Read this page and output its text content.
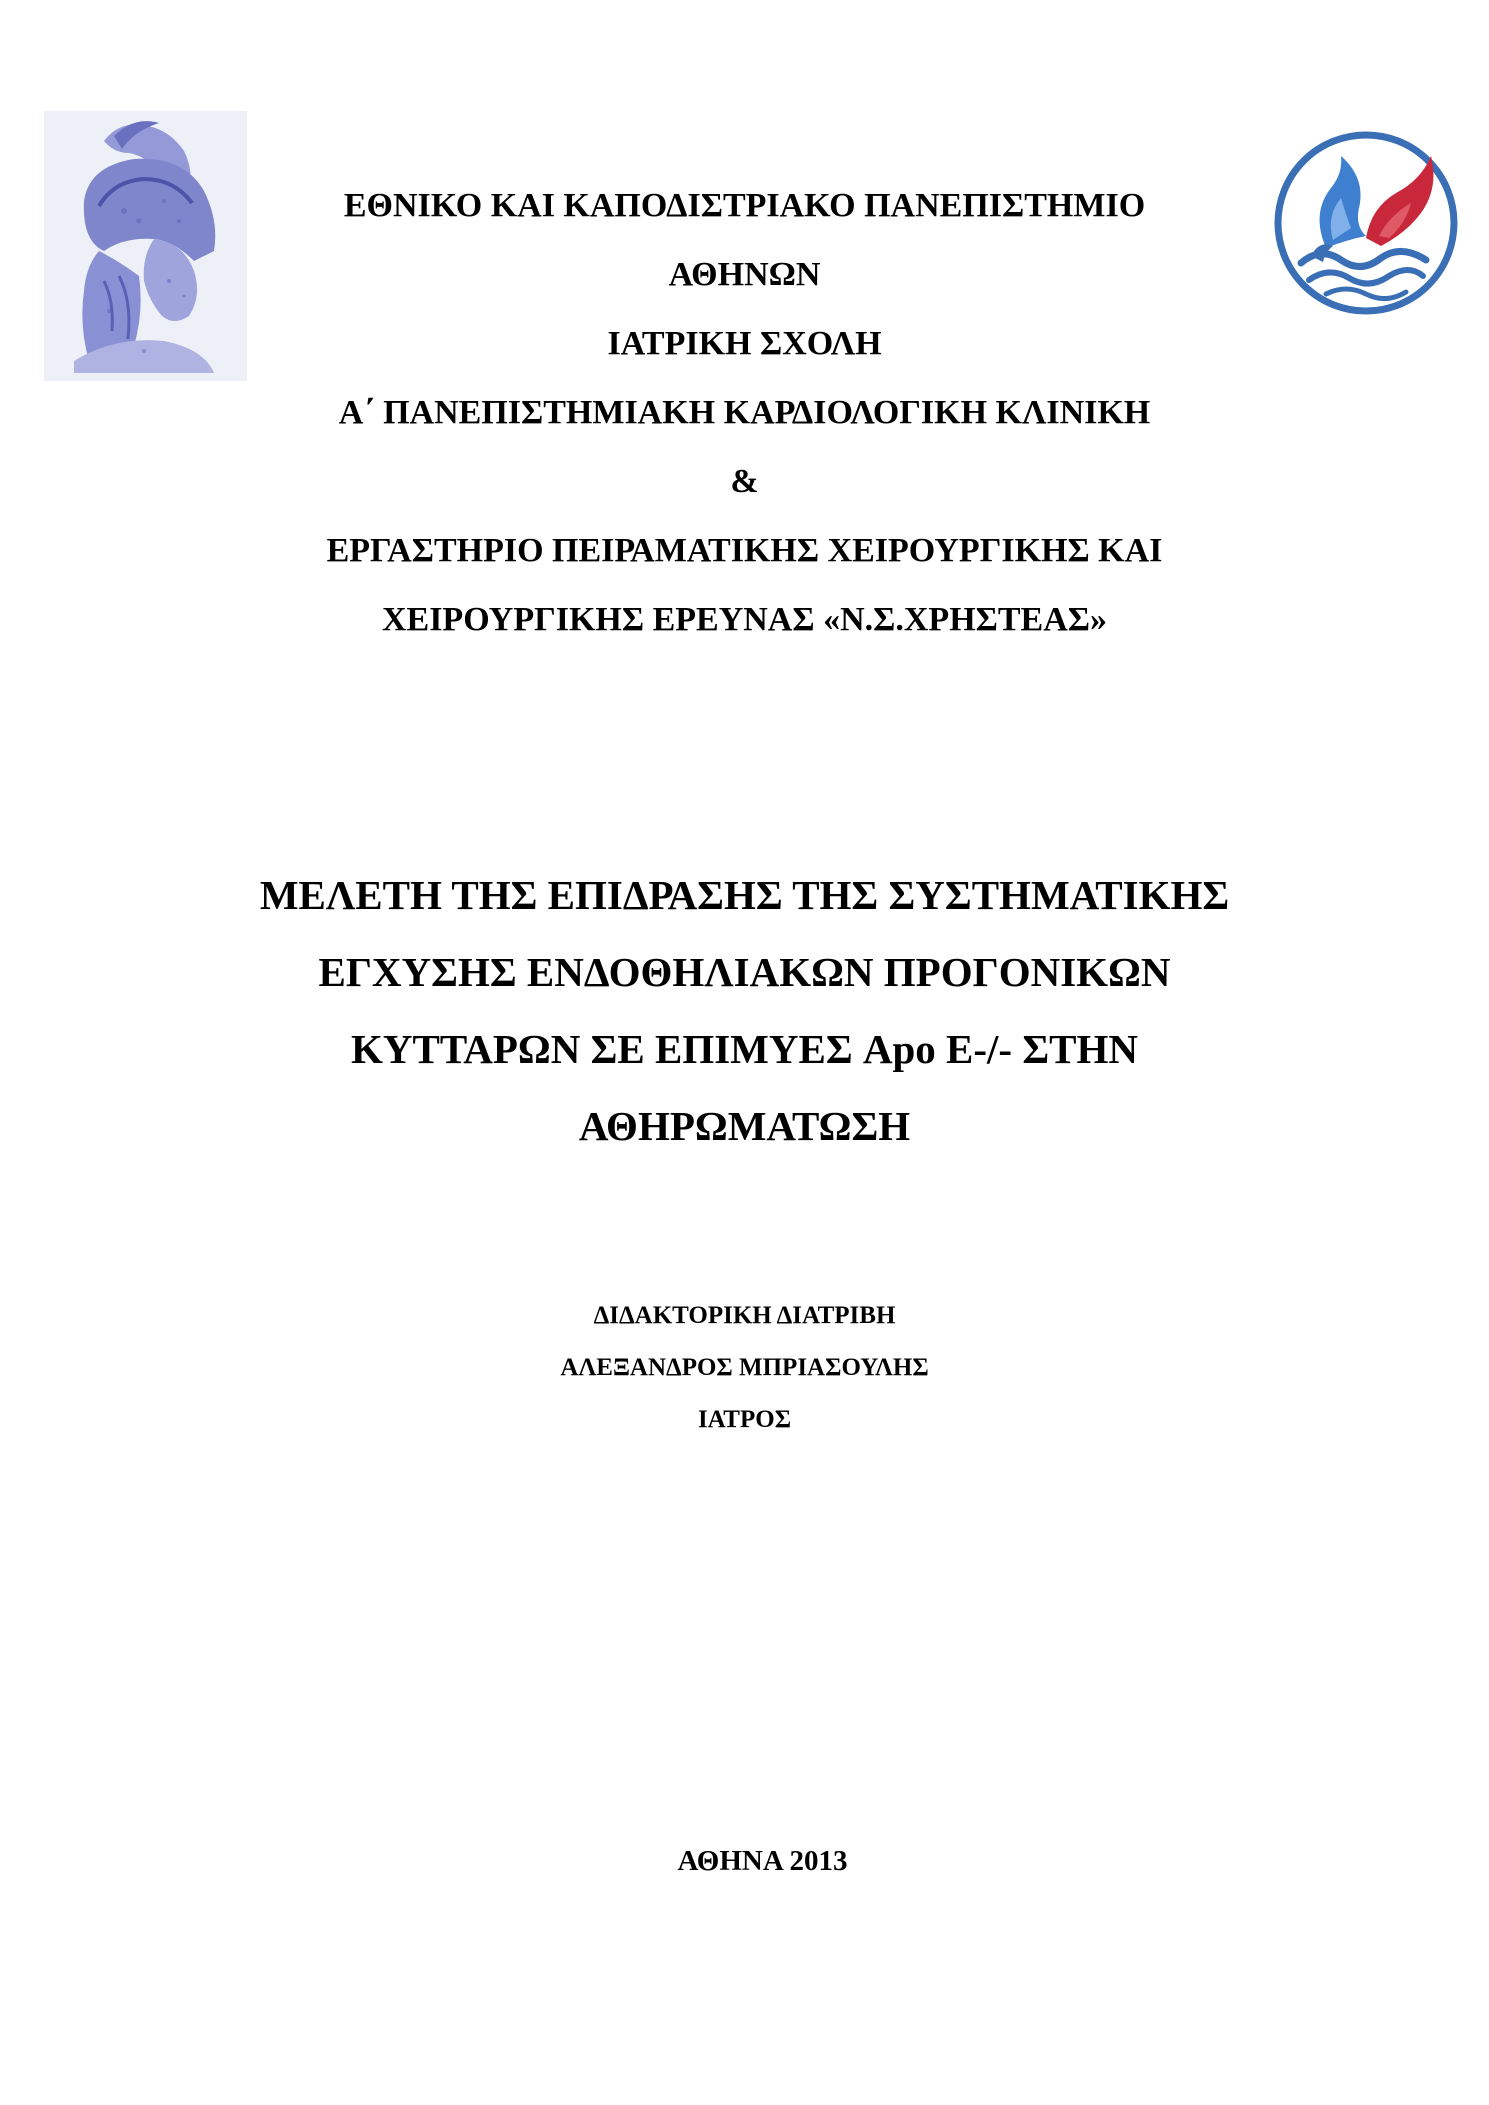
ΕΘΝΙΚΟ ΚΑΙ ΚΑΠΟΔΙΣΤΡΙΑΚΟ ΠΑΝΕΠΙΣΤΗΜΙΟ
ΑΘΗΝΩΝ
ΙΑΤΡΙΚΗ ΣΧΟΛΗ
Α΄ ΠΑΝΕΠΙΣΤΗΜΙΑΚΗ ΚΑΡΔΙΟΛΟΓΙΚΗ ΚΛΙΝΙΚΗ
&
ΕΡΓΑΣΤΗΡΙΟ ΠΕΙΡΑΜΑΤΙΚΗΣ ΧΕΙΡΟΥΡΓΙΚΗΣ ΚΑΙ
ΧΕΙΡΟΥΡΓΙΚΗΣ ΕΡΕΥΝΑΣ «Ν.Σ.ΧΡΗΣΤΕΑΣ»
ΜΕΛΕΤΗ ΤΗΣ ΕΠΙΔΡΑΣΗΣ ΤΗΣ ΣΥΣΤΗΜΑΤΙΚΗΣ
ΕΓΧΥΣΗΣ ΕΝΔΟΘΗΛΙΑΚΩΝ ΠΡΟΓΟΝΙΚΩΝ
ΚΥΤΤΑΡΩΝ ΣΕ ΕΠΙΜΥΕΣ Apo E-/- ΣΤΗΝ
ΑΘΗΡΩΜΑΤΩΣΗ
ΔΙΔΑΚΤΟΡΙΚΗ ΔΙΑΤΡΙΒΗ
ΑΛΕΞΑΝΔΡΟΣ ΜΠΡΙΑΣΟΥΛΗΣ
ΙΑΤΡΟΣ
ΑΘΗΝΑ 2013
